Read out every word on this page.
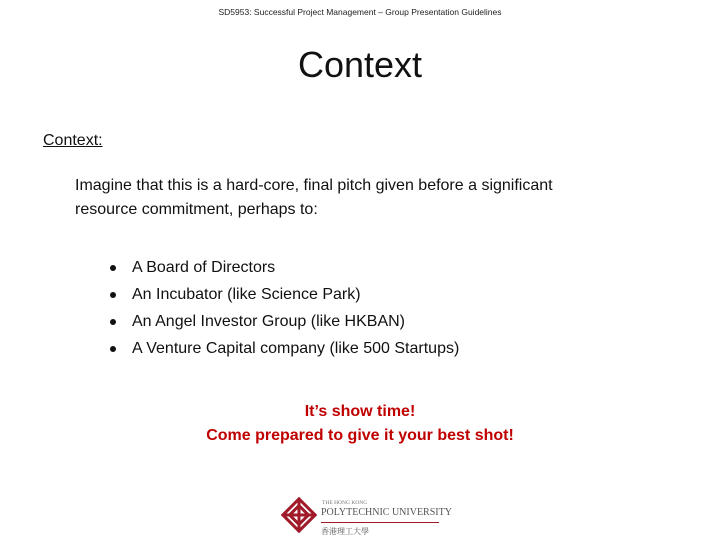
SD5953: Successful Project Management – Group Presentation Guidelines
Context
Context:
Imagine that this is a hard-core, final pitch given before a significant
resource commitment, perhaps to:
A Board of Directors
An Incubator (like Science Park)
An Angel Investor Group (like HKBAN)
A Venture Capital company (like 500 Startups)
It’s show time!
Come prepared to give it your best shot!
THE HONG KONG
POLYTECHNIC UNIVERSITY
香港理工大學
